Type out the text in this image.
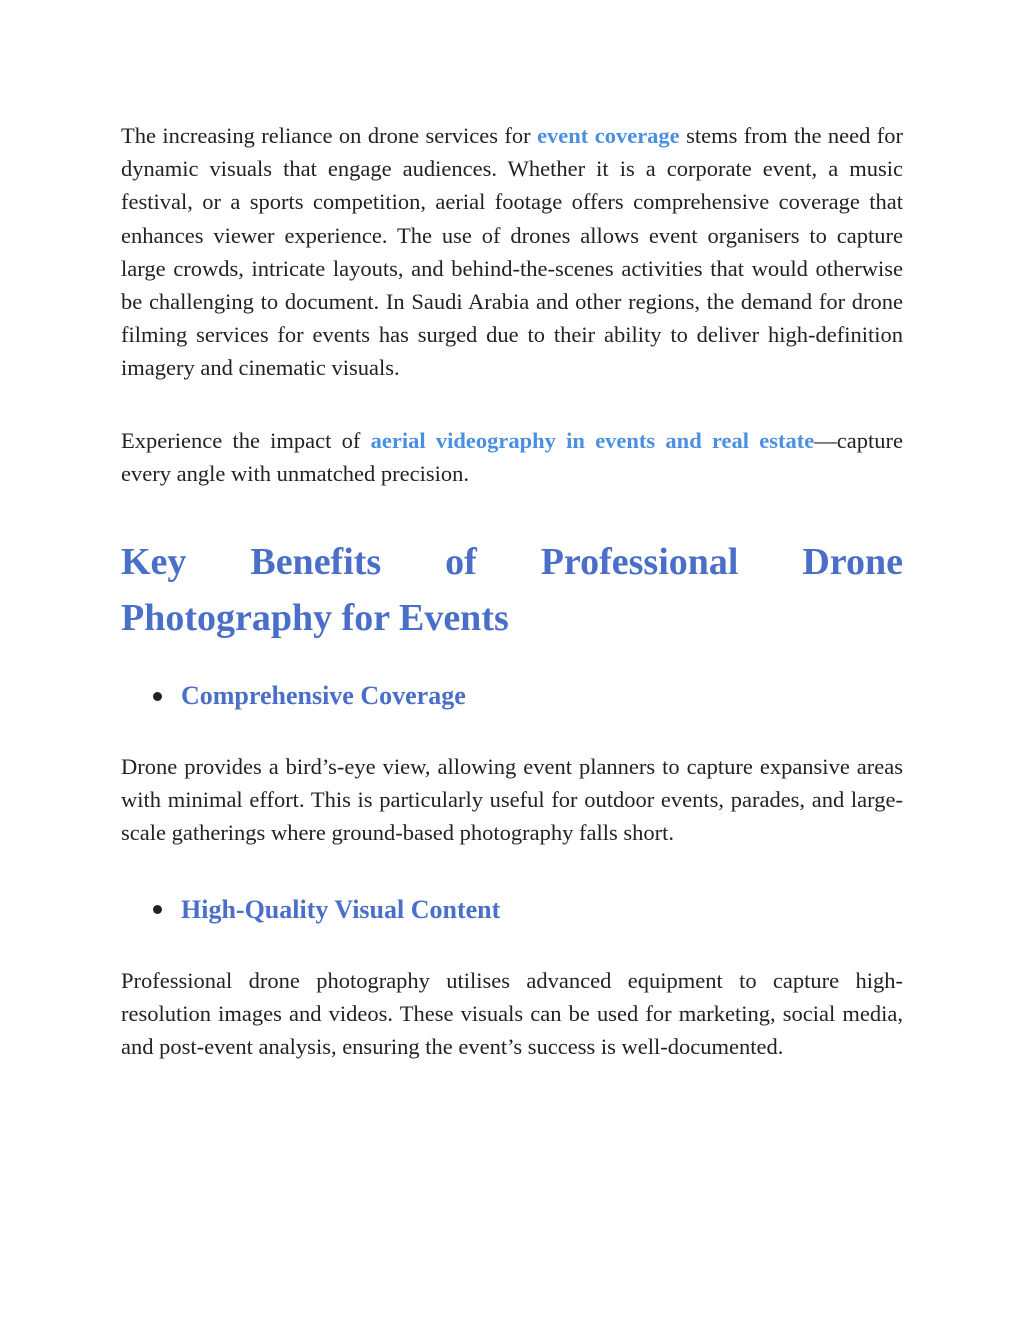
The increasing reliance on drone services for event coverage stems from the need for dynamic visuals that engage audiences. Whether it is a corporate event, a music festival, or a sports competition, aerial footage offers comprehensive coverage that enhances viewer experience. The use of drones allows event organisers to capture large crowds, intricate layouts, and behind-the-scenes activities that would otherwise be challenging to document. In Saudi Arabia and other regions, the demand for drone filming services for events has surged due to their ability to deliver high-definition imagery and cinematic visuals.

Experience the impact of aerial videography in events and real estate—capture every angle with unmatched precision.

Key Benefits of Professional Drone Photography for Events
Comprehensive Coverage

Drone provides a bird’s-eye view, allowing event planners to capture expansive areas with minimal effort. This is particularly useful for outdoor events, parades, and large-scale gatherings where ground-based photography falls short.

High-Quality Visual Content

Professional drone photography utilises advanced equipment to capture high-resolution images and videos. These visuals can be used for marketing, social media, and post-event analysis, ensuring the event’s success is well-documented.
